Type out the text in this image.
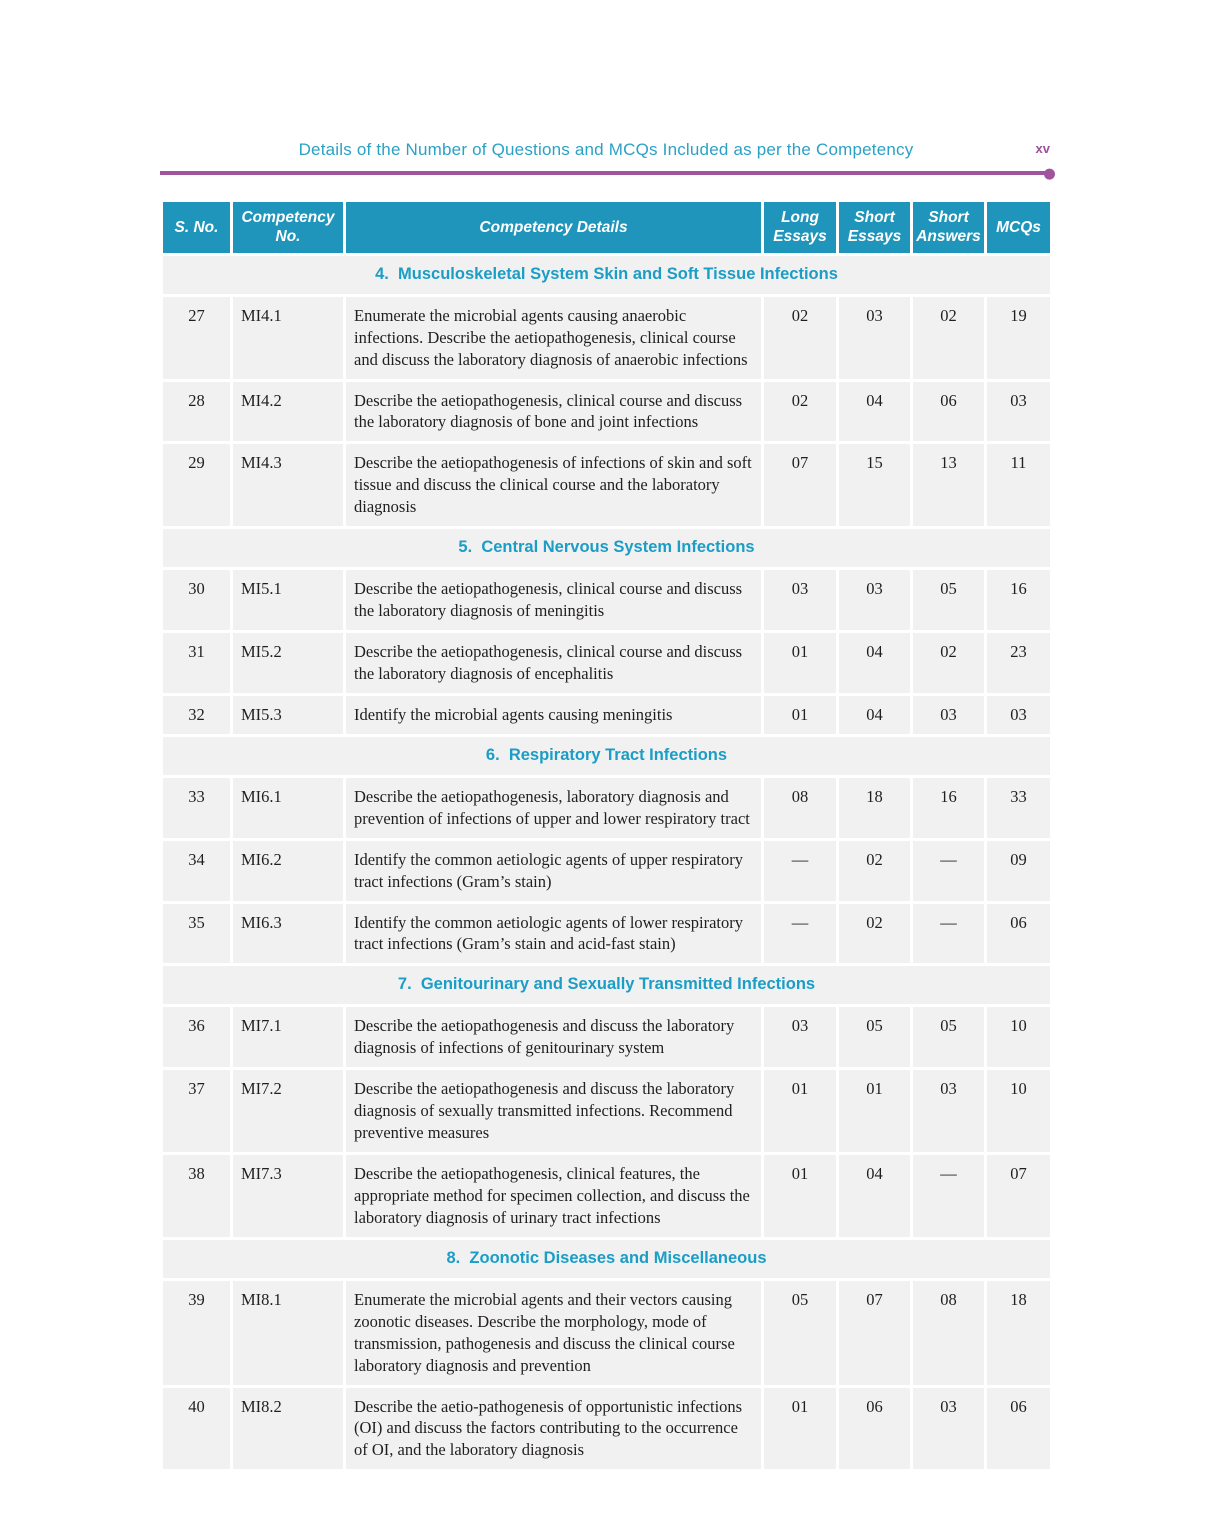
Details of the Number of Questions and MCQs Included as per the Competency	xv
S. No.	Competency No.	Competency Details	Long Essays	Short Essays	Short Answers	MCQs
4.  Musculoskeletal System Skin and Soft Tissue Infections						
27	MI4.1	Enumerate the microbial agents causing anaerobic infections. Describe the aetiopathogenesis, clinical course and discuss the laboratory diagnosis of anaerobic infections	02	03	02	19
28	MI4.2	Describe the aetiopathogenesis, clinical course and discuss the laboratory diagnosis of bone and joint infections	02	04	06	03
29	MI4.3	Describe the aetiopathogenesis of infections of skin and soft tissue and discuss the clinical course and the laboratory diagnosis	07	15	13	11
5.  Central Nervous System Infections						
30	MI5.1	Describe the aetiopathogenesis, clinical course and discuss the laboratory diagnosis of meningitis	03	03	05	16
31	MI5.2	Describe the aetiopathogenesis, clinical course and discuss the laboratory diagnosis of encephalitis	01	04	02	23
32	MI5.3	Identify the microbial agents causing meningitis	01	04	03	03
6.  Respiratory Tract Infections						
33	MI6.1	Describe the aetiopathogenesis, laboratory diagnosis and prevention of infections of upper and lower respiratory tract	08	18	16	33
34	MI6.2	Identify the common aetiologic agents of upper respiratory tract infections (Gram’s stain)	—	02	—	09
35	MI6.3	Identify the common aetiologic agents of lower respiratory tract infections (Gram’s stain and acid-fast stain)	—	02	—	06
7.  Genitourinary and Sexually Transmitted Infections						
36	MI7.1	Describe the aetiopathogenesis and discuss the laboratory diagnosis of infections of genitourinary system	03	05	05	10
37	MI7.2	Describe the aetiopathogenesis and discuss the laboratory diagnosis of sexually transmitted infections. Recommend preventive measures	01	01	03	10
38	MI7.3	Describe the aetiopathogenesis, clinical features, the appropriate method for specimen collection, and discuss the laboratory diagnosis of urinary tract infections	01	04	—	07
8.  Zoonotic Diseases and Miscellaneous						
39	MI8.1	Enumerate the microbial agents and their vectors causing zoonotic diseases. Describe the morphology, mode of transmission, pathogenesis and discuss the clinical course laboratory diagnosis and prevention	05	07	08	18
40	MI8.2	Describe the aetio-pathogenesis of opportunistic infections (OI) and discuss the factors contributing to the occurrence of OI, and the laboratory diagnosis	01	06	03	06
